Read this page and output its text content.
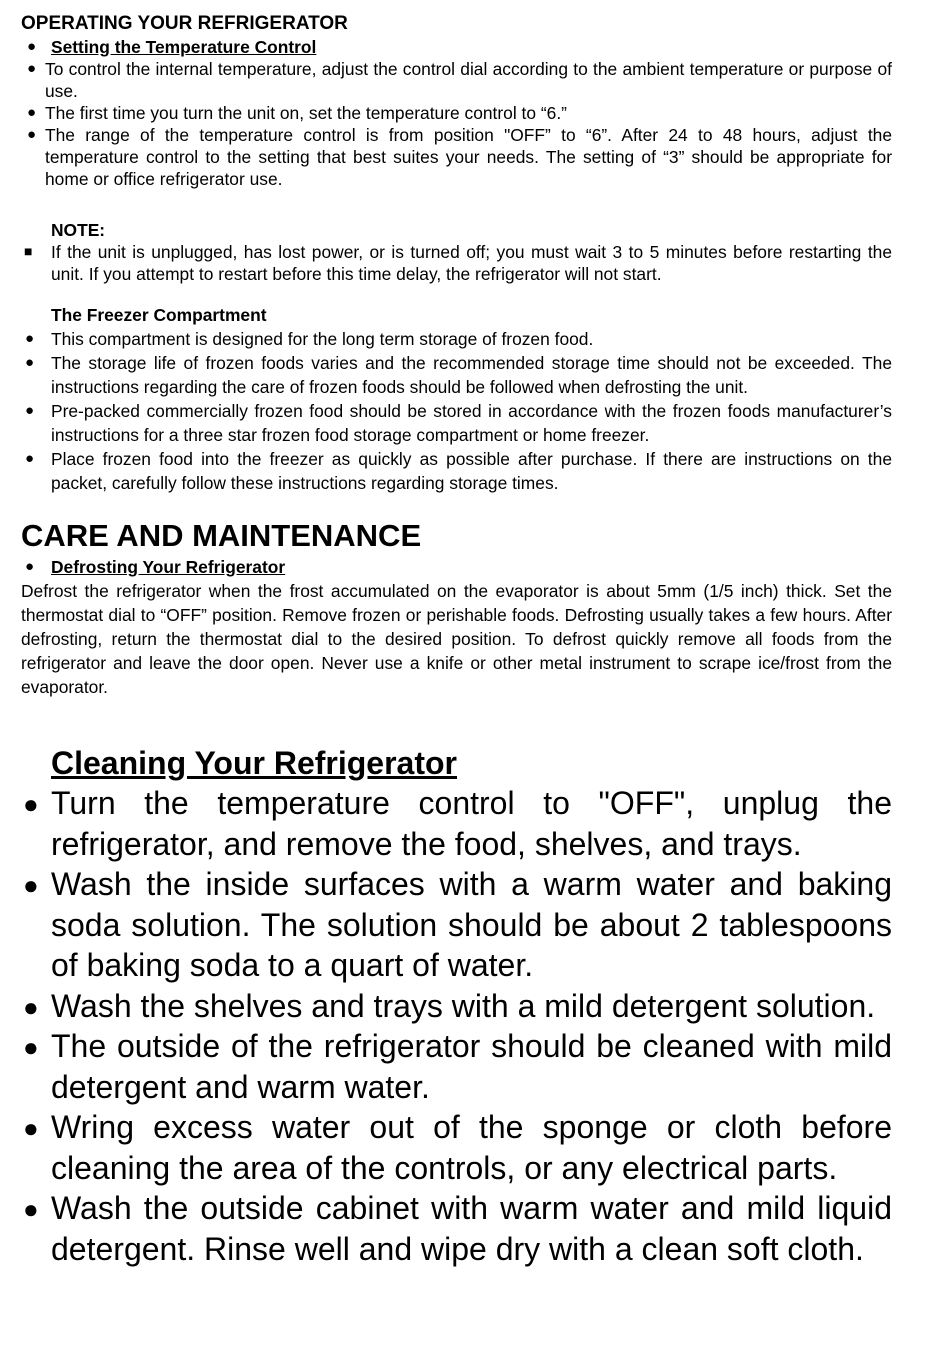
OPERATING YOUR REFRIGERATOR
● Setting the Temperature Control
● To control the internal temperature, adjust the control dial according to the ambient temperature or purpose of use.
● The first time you turn the unit on, set the temperature control to “6.”
● The range of the temperature control is from position "OFF” to “6”. After 24 to 48 hours, adjust the temperature control to the setting that best suites your needs. The setting of “3” should be appropriate for home or office refrigerator use.
NOTE:
■ If the unit is unplugged, has lost power, or is turned off; you must wait 3 to 5 minutes before restarting the unit. If you attempt to restart before this time delay, the refrigerator will not start.
The Freezer Compartment
● This compartment is designed for the long term storage of frozen food.
● The storage life of frozen foods varies and the recommended storage time should not be exceeded. The instructions regarding the care of frozen foods should be followed when defrosting the unit.
● Pre-packed commercially frozen food should be stored in accordance with the frozen foods manufacturer’s instructions for a three star frozen food storage compartment or home freezer.
● Place frozen food into the freezer as quickly as possible after purchase. If there are instructions on the packet, carefully follow these instructions regarding storage times.
CARE AND MAINTENANCE
● Defrosting Your Refrigerator

Defrost the refrigerator when the frost accumulated on the evaporator is about 5mm (1/5 inch) thick. Set the thermostat dial to “OFF” position. Remove frozen or perishable foods. Defrosting usually takes a few hours. After defrosting, return the thermostat dial to the desired position. To defrost quickly remove all foods from the refrigerator and leave the door open. Never use a knife or other metal instrument to scrape ice/frost from the evaporator.

Cleaning Your Refrigerator
● Turn the temperature control to "OFF", unplug the refrigerator, and remove the food, shelves, and trays.
● Wash the inside surfaces with a warm water and baking soda solution. The solution should be about 2 tablespoons of baking soda to a quart of water.
● Wash the shelves and trays with a mild detergent solution.
● The outside of the refrigerator should be cleaned with mild detergent and warm water.
● Wring excess water out of the sponge or cloth before cleaning the area of the controls, or any electrical parts.
● Wash the outside cabinet with warm water and mild liquid detergent. Rinse well and wipe dry with a clean soft cloth.
